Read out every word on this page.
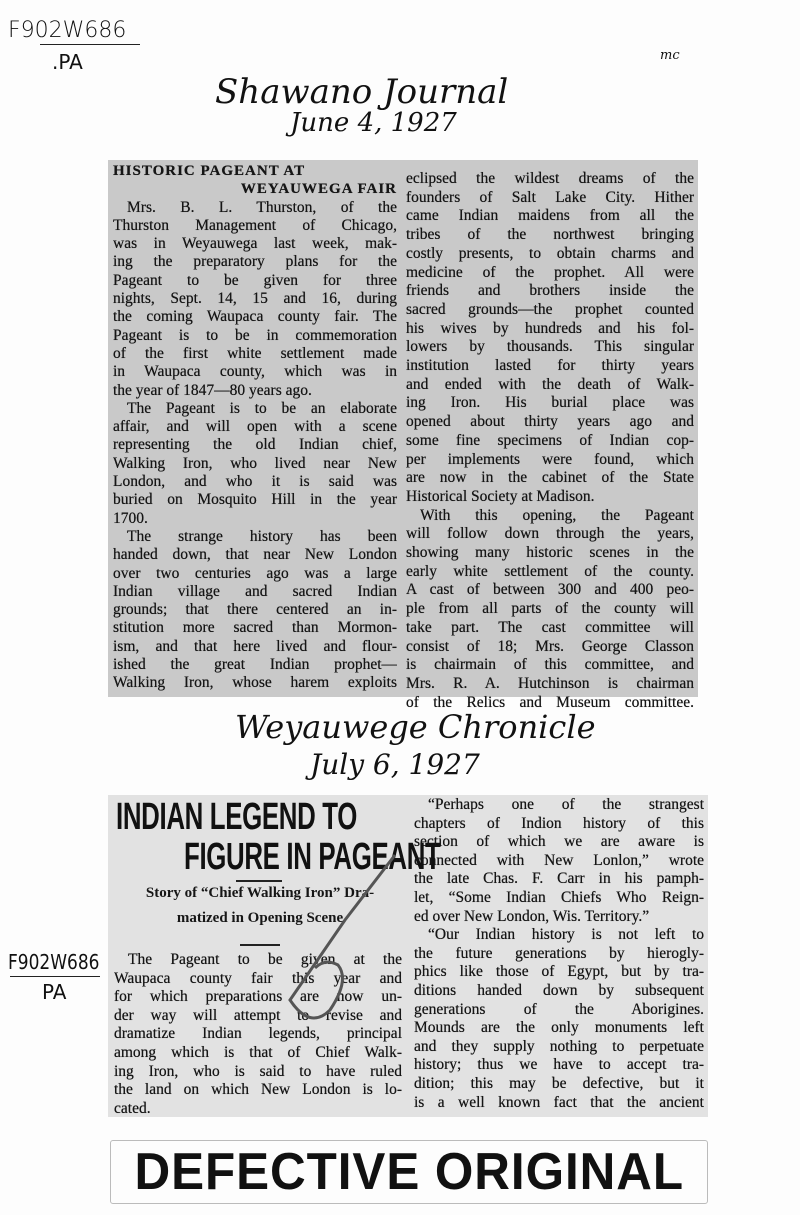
F902W686
.PA	mc
Shawano Journal
June 4, 1927
HISTORIC PAGEANT AT
WEYAUWEGA FAIR
Mrs. B. L. Thurston, of the
Thurston Management of Chicago,
was in Weyauwega last week, mak-
ing the preparatory plans for the
Pageant to be given for three
nights, Sept. 14, 15 and 16, during
the coming Waupaca county fair. The
Pageant is to be in commemoration
of the first white settlement made
in Waupaca county, which was in
the year of 1847—80 years ago.
The Pageant is to be an elaborate
affair, and will open with a scene
representing the old Indian chief,
Walking Iron, who lived near New
London, and who it is said was
buried on Mosquito Hill in the year
1700.
The strange history has been
handed down, that near New London
over two centuries ago was a large
Indian village and sacred Indian
grounds; that there centered an in-
stitution more sacred than Mormon-
ism, and that here lived and flour-
ished the great Indian prophet—
Walking Iron, whose harem exploits
eclipsed the wildest dreams of the
founders of Salt Lake City. Hither
came Indian maidens from all the
tribes of the northwest bringing
costly presents, to obtain charms and
medicine of the prophet. All were
friends and brothers inside the
sacred grounds—the prophet counted
his wives by hundreds and his fol-
lowers by thousands. This singular
institution lasted for thirty years
and ended with the death of Walk-
ing Iron. His burial place was
opened about thirty years ago and
some fine specimens of Indian cop-
per implements were found, which
are now in the cabinet of the State
Historical Society at Madison.
With this opening, the Pageant
will follow down through the years,
showing many historic scenes in the
early white settlement of the county.
A cast of between 300 and 400 peo-
ple from all parts of the county will
take part. The cast committee will
consist of 18; Mrs. George Classon
is chairmain of this committee, and
Mrs. R. A. Hutchinson is chairman
of the Relics and Museum committee.
Weyauwege Chronicle
July 6, 1927
INDIAN LEGEND TO
FIGURE IN PAGEANT
Story of “Chief Walking Iron” Dra-
matized in Opening Scene
The Pageant to be given at the
Waupaca county fair this year and
for which preparations are now un-
der way will attempt to revise and
dramatize Indian legends, principal
among which is that of Chief Walk-
ing Iron, who is said to have ruled
the land on which New London is lo-
cated.
“Perhaps one of the strangest
chapters of Indion history of this
section of which we are aware is
connected with New Lonlon,” wrote
the late Chas. F. Carr in his pamph-
let, “Some Indian Chiefs Who Reign-
ed over New London, Wis. Territory.”
“Our Indian history is not left to
the future generations by hierogly-
phics like those of Egypt, but by tra-
ditions handed down by subsequent
generations of the Aborigines.
Mounds are the only monuments left
and they supply nothing to perpetuate
history; thus we have to accept tra-
dition; this may be defective, but it
is a well known fact that the ancient
F902W686
PA
DEFECTIVE ORIGINAL
